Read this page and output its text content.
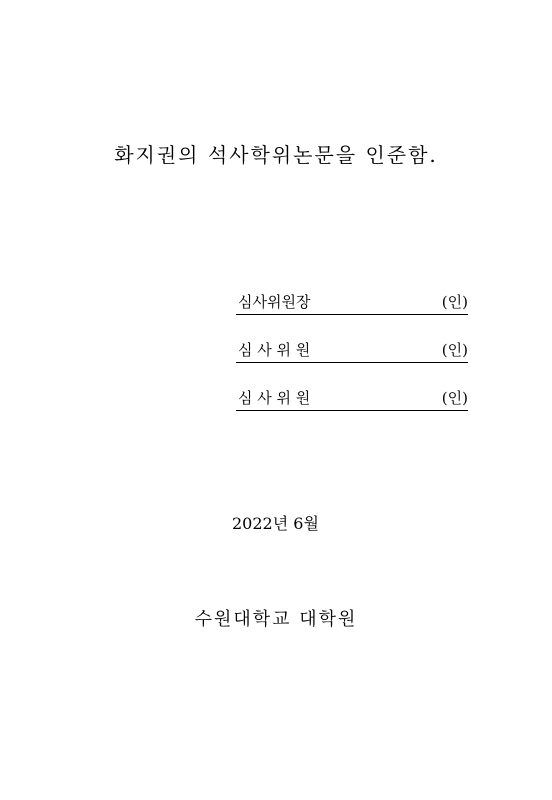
화지권의 석사학위논문을 인준함.
심사위원장	(인)
심 사 위 원	(인)
심 사 위 원	(인)
2022년 6월
수원대학교 대학원
